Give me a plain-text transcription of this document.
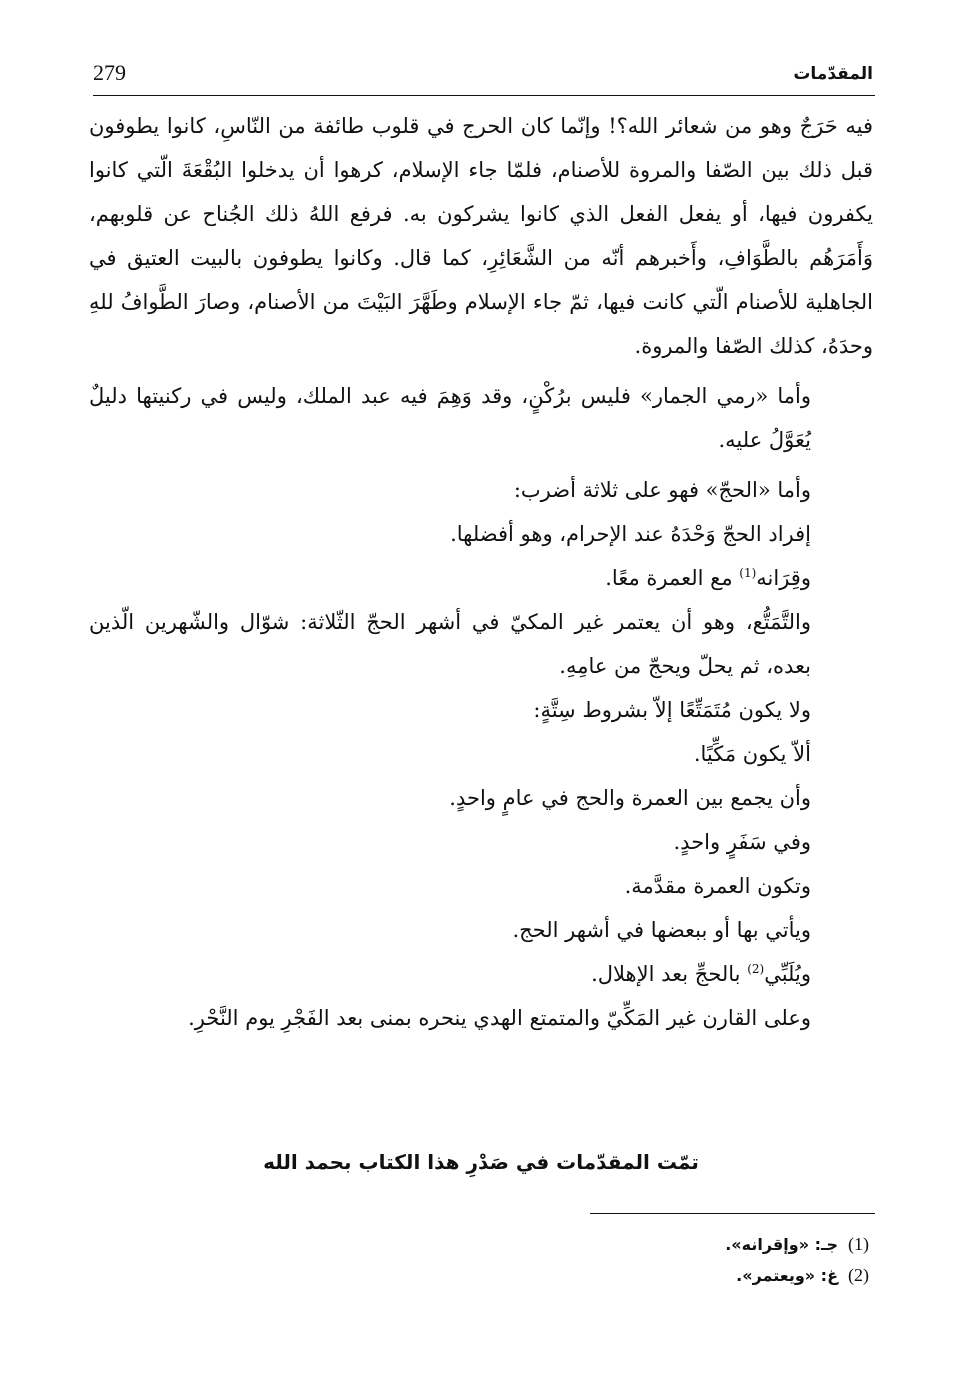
المقدّمات
279

فيه حَرَجٌ وهو من شعائر الله؟! وإنّما كان الحرج في قلوب طائفة من النّاسِ، كانوا يطوفون قبل ذلك بين الصّفا والمروة للأصنام، فلمّا جاء الإسلام، كرهوا أن يدخلوا البُقْعَةَ الّتي كانوا يكفرون فيها، أو يفعل الفعل الذي كانوا يشركون به. فرفع اللهُ ذلك الجُناح عن قلوبهم، وَأَمَرَهُم بالطَّوَافِ، وأَخبرهم أنّه من الشَّعَائِرِ، كما قال. وكانوا يطوفون بالبيت العتيق في الجاهلية للأصنام الّتي كانت فيها، ثمّ جاء الإسلام وطَهَّرَ البَيْتَ من الأصنام، وصارَ الطَّوافُ للهِ وحدَهُ، كذلك الصّفا والمروة.

وأما «رمي الجمار» فليس برُكْنٍ، وقد وَهِمَ فيه عبد الملك، وليس في ركنيتها دليلٌ يُعَوَّلُ عليه.

وأما «الحجّ» فهو على ثلاثة أضرب:

إفراد الحجّ وَحْدَهُ عند الإحرام، وهو أفضلها.

وقِرَانه$^{(1)}$ مع العمرة معًا.

والتَّمَتُّع، وهو أن يعتمر غير المكيّ في أشهر الحجّ الثّلاثة: شوّال والشّهرين الّذين بعده، ثم يحلّ ويحجّ من عامِهِ.

ولا يكون مُتَمَتِّعًا إلاّ بشروط سِتَّةٍ:

ألاّ يكون مَكِّيًا.

وأن يجمع بين العمرة والحج في عامٍ واحدٍ.

وفي سَفَرٍ واحدٍ.

وتكون العمرة مقدَّمة.

ويأتي بها أو ببعضها في أشهر الحج.

ويُلَبِّي$^{(2)}$ بالحجِّ بعد الإهلال.

وعلى القارن غير المَكِّيّ والمتمتع الهدي ينحره بمنى بعد الفَجْرِ يوم النَّحْرِ.

تمّت المقدّمات في صَدْرِ هذا الكتاب بحمد الله
(1)جـ: «وإقرانه».
(2)غ: «ويعتمر».
